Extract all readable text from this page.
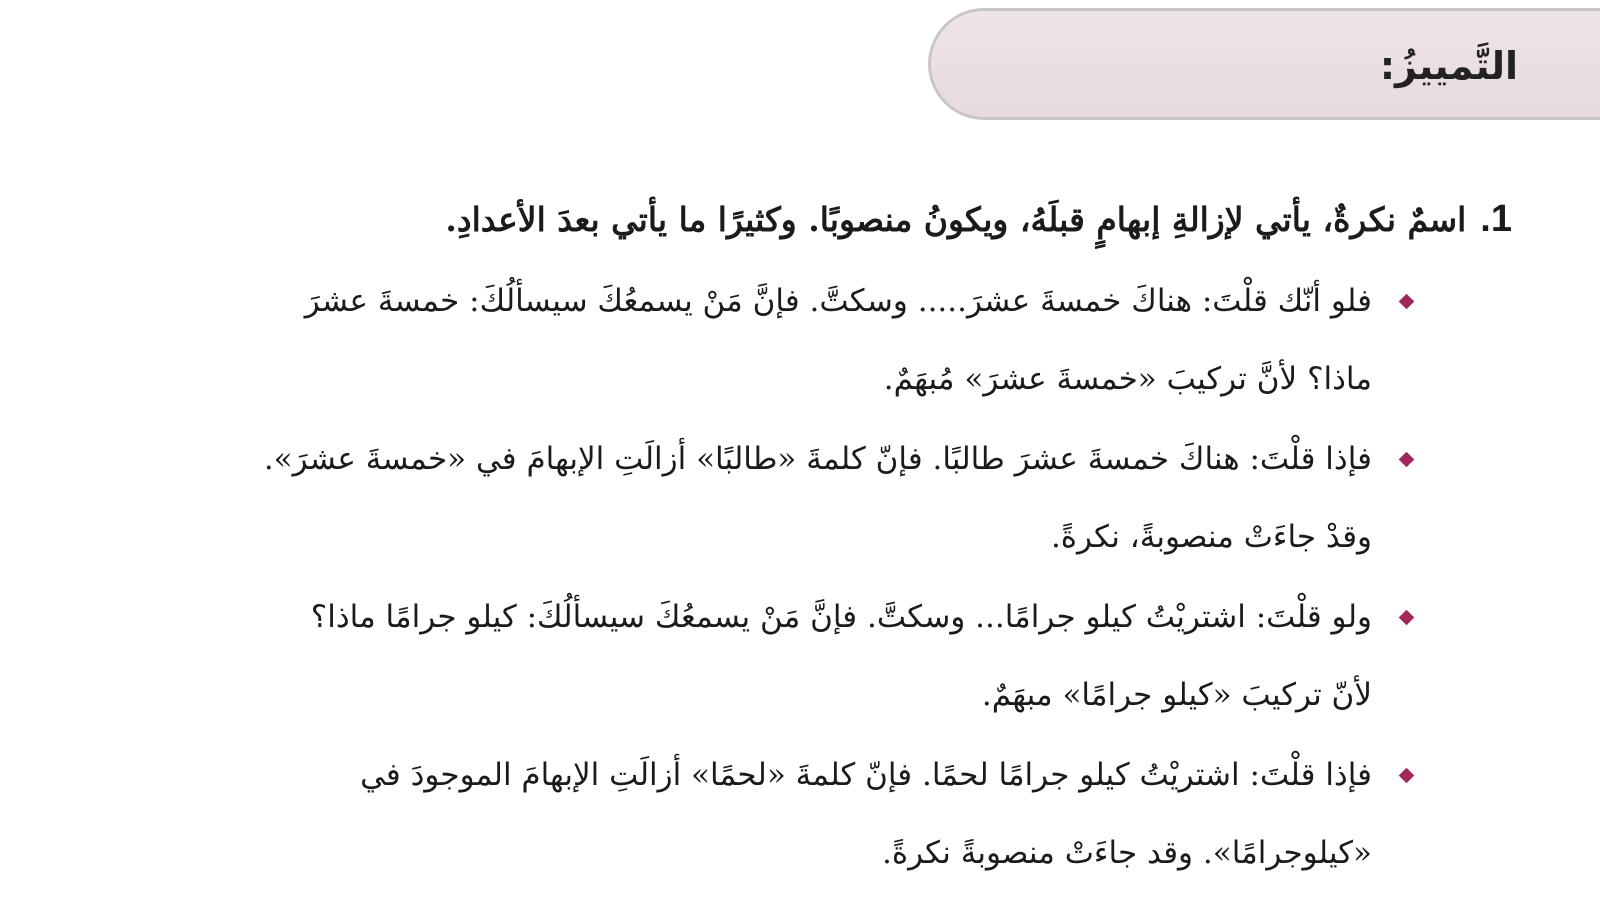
التَّمييزُ:
1.
اسمٌ نكرةٌ، يأتي لإزالةِ إبهامٍ قبلَهُ، ويكونُ منصوبًا. وكثيرًا ما يأتي بعدَ الأعدادِ.
فلو أنّك قلْتَ: هناكَ خمسةَ عشرَ..... وسكتَّ. فإنَّ مَنْ يسمعُكَ سيسألُكَ: خمسةَ عشرَ
ماذا؟ لأنَّ تركيبَ «خمسةَ عشرَ» مُبهَمٌ.
فإذا قلْتَ: هناكَ خمسةَ عشرَ طالبًا. فإنّ كلمةَ «طالبًا» أزالَتِ الإبهامَ في «خمسةَ عشرَ».
وقدْ جاءَتْ منصوبةً، نكرةً.
ولو قلْتَ: اشتريْتُ كيلو جرامًا... وسكتَّ. فإنَّ مَنْ يسمعُكَ سيسألُكَ: كيلو جرامًا ماذا؟
لأنّ تركيبَ «كيلو جرامًا» مبهَمٌ.
فإذا قلْتَ: اشتريْتُ كيلو جرامًا لحمًا. فإنّ كلمةَ «لحمًا» أزالَتِ الإبهامَ الموجودَ في
«كيلوجرامًا». وقد جاءَتْ منصوبةً نكرةً.
